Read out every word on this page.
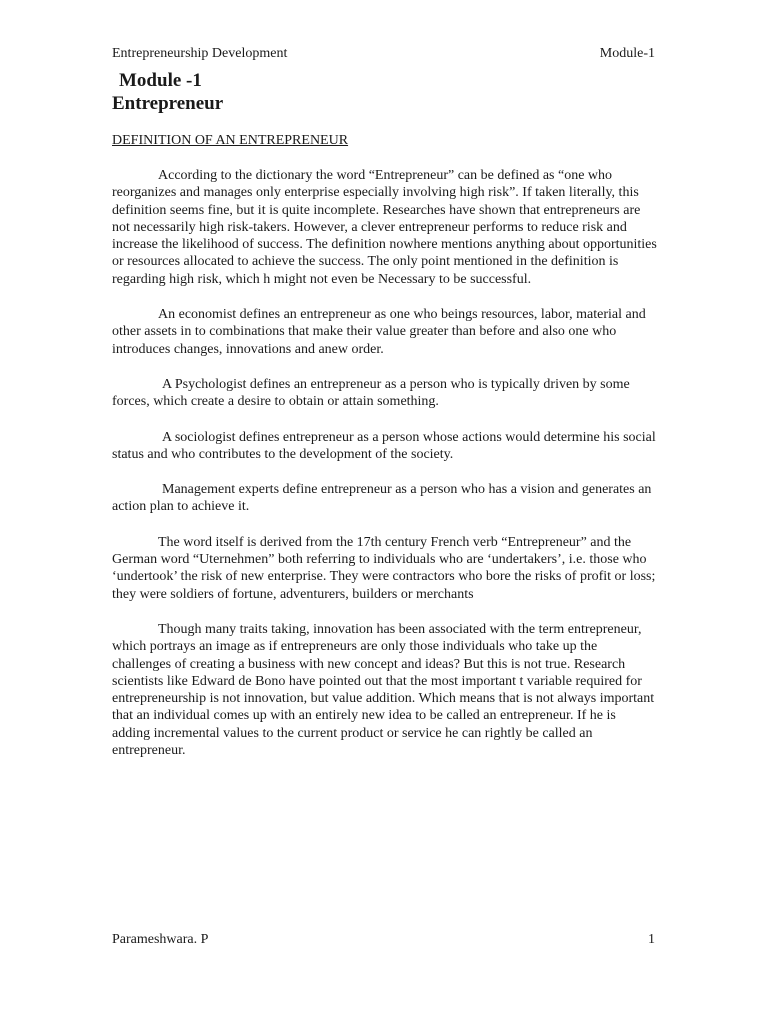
Entrepreneurship Development	Module-1
Module -1
Entrepreneur
DEFINITION OF AN ENTREPRENEUR

According to the dictionary the word “Entrepreneur” can be defined as “one who reorganizes and manages only enterprise especially involving high risk”. If taken literally, this definition seems fine, but it is quite incomplete. Researches have shown that entrepreneurs are not necessarily high risk-takers. However, a clever entrepreneur performs to reduce risk and increase the likelihood of success. The definition nowhere mentions anything about opportunities or resources allocated to achieve the success. The only point mentioned in the definition is regarding high risk, which h might not even be Necessary to be successful.

An economist defines an entrepreneur as one who beings resources, labor, material and other assets in to combinations that make their value greater than before and also one who introduces changes, innovations and anew order.

A Psychologist defines an entrepreneur as a person who is typically driven by some forces, which create a desire to obtain or attain something.

A sociologist defines entrepreneur as a person whose actions would determine his social status and who contributes to the development of the society.

Management experts define entrepreneur as a person who has a vision and generates an action plan to achieve it.

The word itself is derived from the 17th century French verb “Entrepreneur” and the German word “Uternehmen” both referring to individuals who are ‘undertakers’, i.e. those who ‘undertook’ the risk of new enterprise. They were contractors who bore the risks of profit or loss; they were soldiers of fortune, adventurers, builders or merchants

Though many traits taking, innovation has been associated with the term entrepreneur, which portrays an image as if entrepreneurs are only those individuals who take up the challenges of creating a business with new concept and ideas? But this is not true. Research scientists like Edward de Bono have pointed out that the most important t variable required for entrepreneurship is not innovation, but value addition. Which means that is not always important that an individual comes up with an entirely new idea to be called an entrepreneur. If he is adding incremental values to the current product or service he can rightly be called an entrepreneur.

Parameshwara. P	1
